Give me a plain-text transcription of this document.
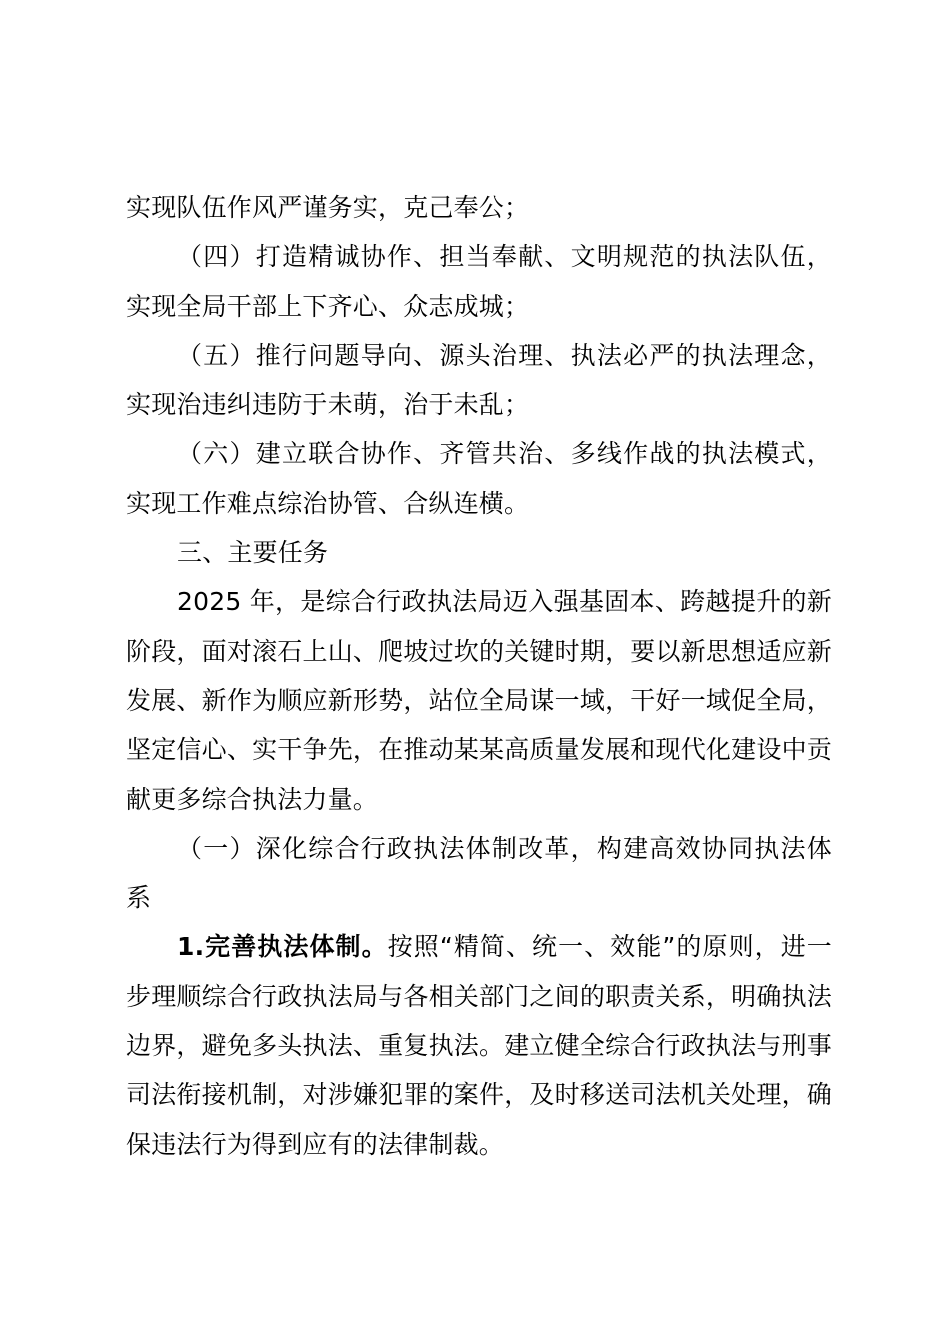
实现队伍作风严谨务实，克己奉公；

（四）打造精诚协作、担当奉献、文明规范的执法队伍，实现全局干部上下齐心、众志成城；

（五）推行问题导向、源头治理、执法必严的执法理念，实现治违纠违防于未萌，治于未乱；

（六）建立联合协作、齐管共治、多线作战的执法模式，实现工作难点综治协管、合纵连横。

三、主要任务

2025 年，是综合行政执法局迈入强基固本、跨越提升的新阶段，面对滚石上山、爬坡过坎的关键时期，要以新思想适应新发展、新作为顺应新形势，站位全局谋一域，干好一域促全局，坚定信心、实干争先，在推动某某高质量发展和现代化建设中贡献更多综合执法力量。

（一）深化综合行政执法体制改革，构建高效协同执法体系

1.完善执法体制。按照“精简、统一、效能”的原则，进一步理顺综合行政执法局与各相关部门之间的职责关系，明确执法边界，避免多头执法、重复执法。建立健全综合行政执法与刑事司法衔接机制，对涉嫌犯罪的案件，及时移送司法机关处理，确保违法行为得到应有的法律制裁。
